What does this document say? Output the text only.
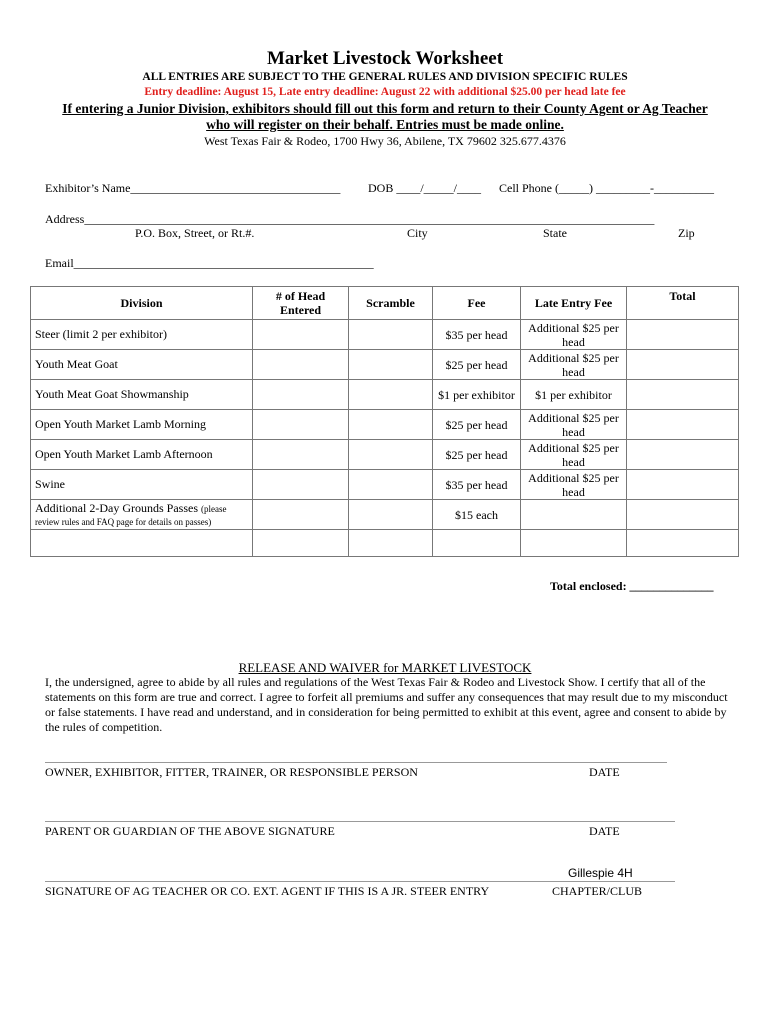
Market Livestock Worksheet
ALL ENTRIES ARE SUBJECT TO THE GENERAL RULES AND DIVISION SPECIFIC RULES
Entry deadline: August 15, Late entry deadline: August 22 with additional $25.00 per head late fee
If entering a Junior Division, exhibitors should fill out this form and return to their County Agent or Ag Teacher
who will register on their behalf. Entries must be made online.
West Texas Fair & Rodeo, 1700 Hwy 36, Abilene, TX 79602 325.677.4376
Exhibitor’s Name___________________________________ DOB ____/_____/____ Cell Phone (_____) _________-__________
Address_______________________________________________________________________________________________
P.O. Box, Street, or Rt.#.	City	State	Zip
Email__________________________________________________
Division	# of Head Entered	Scramble	Fee	Late Entry Fee	Total
Steer (limit 2 per exhibitor)			$35 per head	Additional $25 per head	
Youth Meat Goat			$25 per head	Additional $25 per head	
Youth Meat Goat Showmanship			$1 per exhibitor	$1 per exhibitor	
Open Youth Market Lamb Morning			$25 per head	Additional $25 per head	
Open Youth Market Lamb Afternoon			$25 per head	Additional $25 per head	
Swine			$35 per head	Additional $25 per head	
Additional 2-Day Grounds Passes (please review rules and FAQ page for details on passes)			$15 each		

Total enclosed: ______________
RELEASE AND WAIVER for MARKET LIVESTOCK
I, the undersigned, agree to abide by all rules and regulations of the West Texas Fair & Rodeo and Livestock Show. I certify that all of the statements on this form are true and correct. I agree to forfeit all premiums and suffer any consequences that may result due to my misconduct or false statements. I have read and understand, and in consideration for being permitted to exhibit at this event, agree and consent to abide by the rules of competition.
OWNER, EXHIBITOR, FITTER, TRAINER, OR RESPONSIBLE PERSON	DATE
PARENT OR GUARDIAN OF THE ABOVE SIGNATURE	DATE
Gillespie 4H
SIGNATURE OF AG TEACHER OR CO. EXT. AGENT IF THIS IS A JR. STEER ENTRY	CHAPTER/CLUB
